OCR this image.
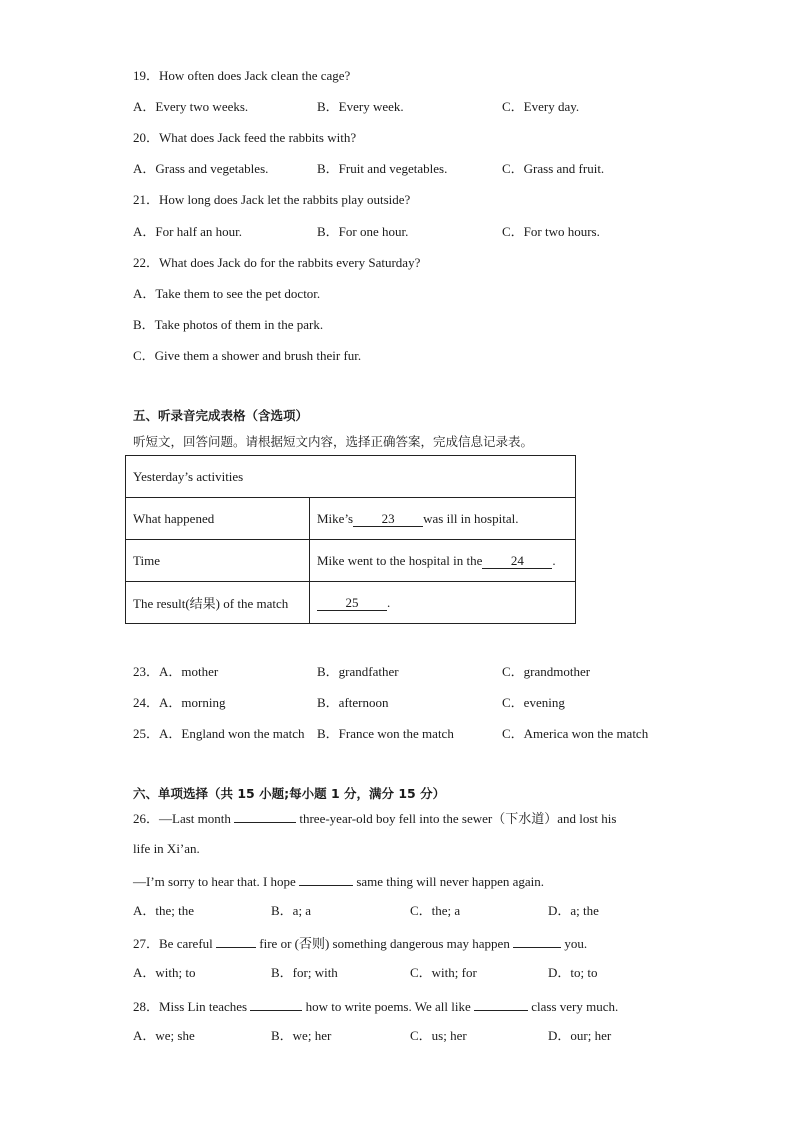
19．How often does Jack clean the cage?
A．Every two weeks.	B．Every week.	C．Every day.
20．What does Jack feed the rabbits with?
A．Grass and vegetables.	B．Fruit and vegetables.	C．Grass and fruit.
21．How long does Jack let the rabbits play outside?
A．For half an hour.	B．For one hour.	C．For two hours.
22．What does Jack do for the rabbits every Saturday?
A．Take them to see the pet doctor.
B．Take photos of them in the park.
C．Give them a shower and brush their fur.
五、听录音完成表格（含选项）
听短文，回答问题。请根据短文内容，选择正确答案，完成信息记录表。
Yesterday’s activities	
What happened	Mike’s 23 was ill in hospital.
Time	Mike went to the hospital in the 24 .
The result(结果) of the match	25 .
23．A．mother	B．grandfather	C．grandmother
24．A．morning	B．afternoon	C．evening
25．A．England won the match B．France won the match	C．America won the match
六、单项选择（共 15 小题;每小题 1 分，满分 15 分）
26．—Last month	three-year-old boy fell into the sewer（下水道）and lost his
life in Xi’an.
—I’m sorry to hear that. I hope	same thing will never happen again.
A．the; the	B．a; a	C．the; a	D．a; the
27．Be careful	fire or (否则) something dangerous may happen	you.
A．with; to	B．for; with	C．with; for	D．to; to
28．Miss Lin teaches	how to write poems. We all like	class very much.
A．we; she	B．we; her	C．us; her	D．our; her
